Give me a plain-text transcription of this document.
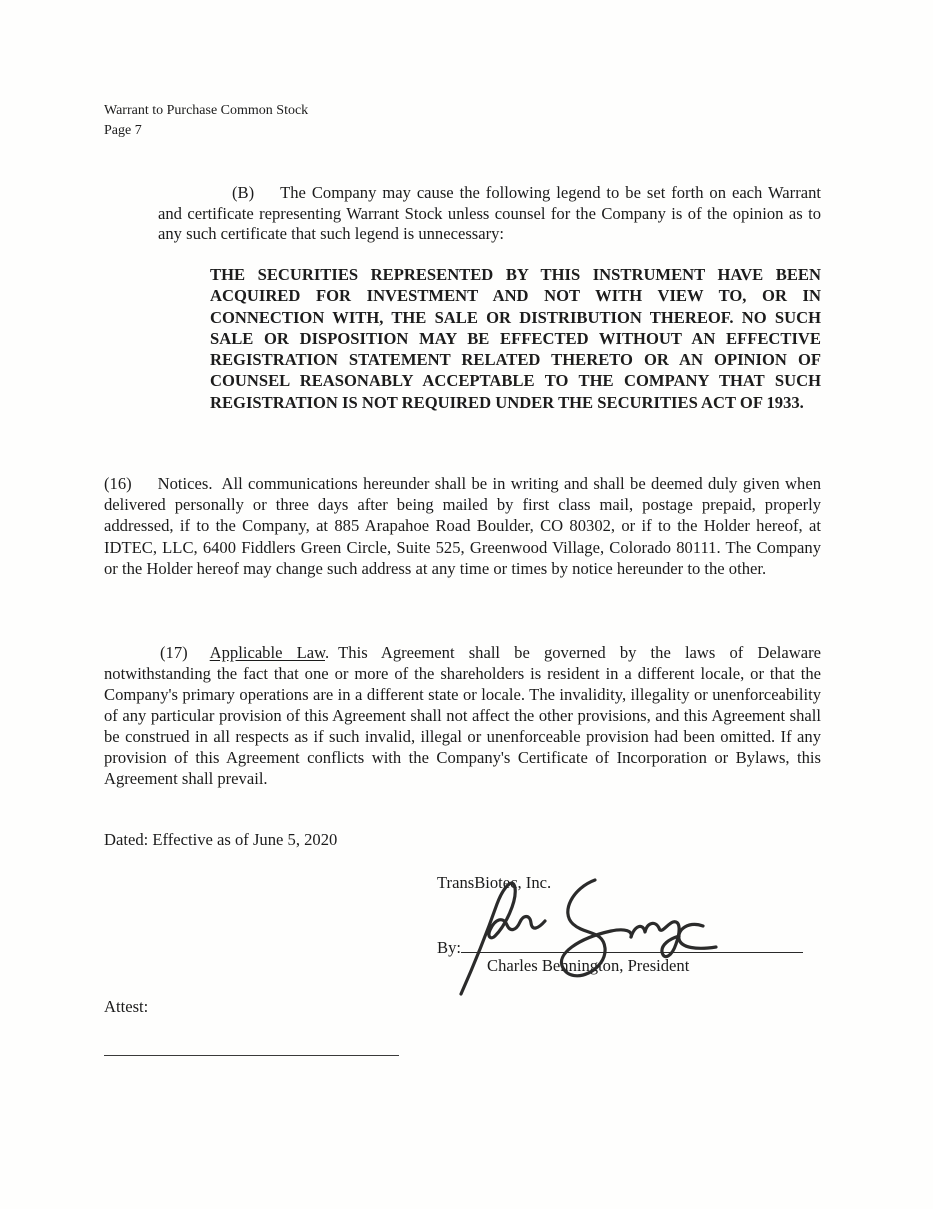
Warrant to Purchase Common Stock
Page 7

(B) The Company may cause the following legend to be set forth on each Warrant and certificate representing Warrant Stock unless counsel for the Company is of the opinion as to any such certificate that such legend is unnecessary:

THE SECURITIES REPRESENTED BY THIS INSTRUMENT HAVE BEEN ACQUIRED FOR INVESTMENT AND NOT WITH VIEW TO, OR IN CONNECTION WITH, THE SALE OR DISTRIBUTION THEREOF. NO SUCH SALE OR DISPOSITION MAY BE EFFECTED WITHOUT AN EFFECTIVE REGISTRATION STATEMENT RELATED THERETO OR AN OPINION OF COUNSEL REASONABLY ACCEPTABLE TO THE COMPANY THAT SUCH REGISTRATION IS NOT REQUIRED UNDER THE SECURITIES ACT OF 1933.

(16) Notices. All communications hereunder shall be in writing and shall be deemed duly given when delivered personally or three days after being mailed by first class mail, postage prepaid, properly addressed, if to the Company, at 885 Arapahoe Road Boulder, CO 80302, or if to the Holder hereof, at IDTEC, LLC, 6400 Fiddlers Green Circle, Suite 525, Greenwood Village, Colorado 80111. The Company or the Holder hereof may change such address at any time or times by notice hereunder to the other.

(17) Applicable Law. This Agreement shall be governed by the laws of Delaware notwithstanding the fact that one or more of the shareholders is resident in a different locale, or that the Company's primary operations are in a different state or locale. The invalidity, illegality or unenforceability of any particular provision of this Agreement shall not affect the other provisions, and this Agreement shall be construed in all respects as if such invalid, illegal or unenforceable provision had been omitted. If any provision of this Agreement conflicts with the Company's Certificate of Incorporation or Bylaws, this Agreement shall prevail.

Dated: Effective as of June 5, 2020
TransBiotec, Inc.
By:
Charles Bennington, President
Attest:
